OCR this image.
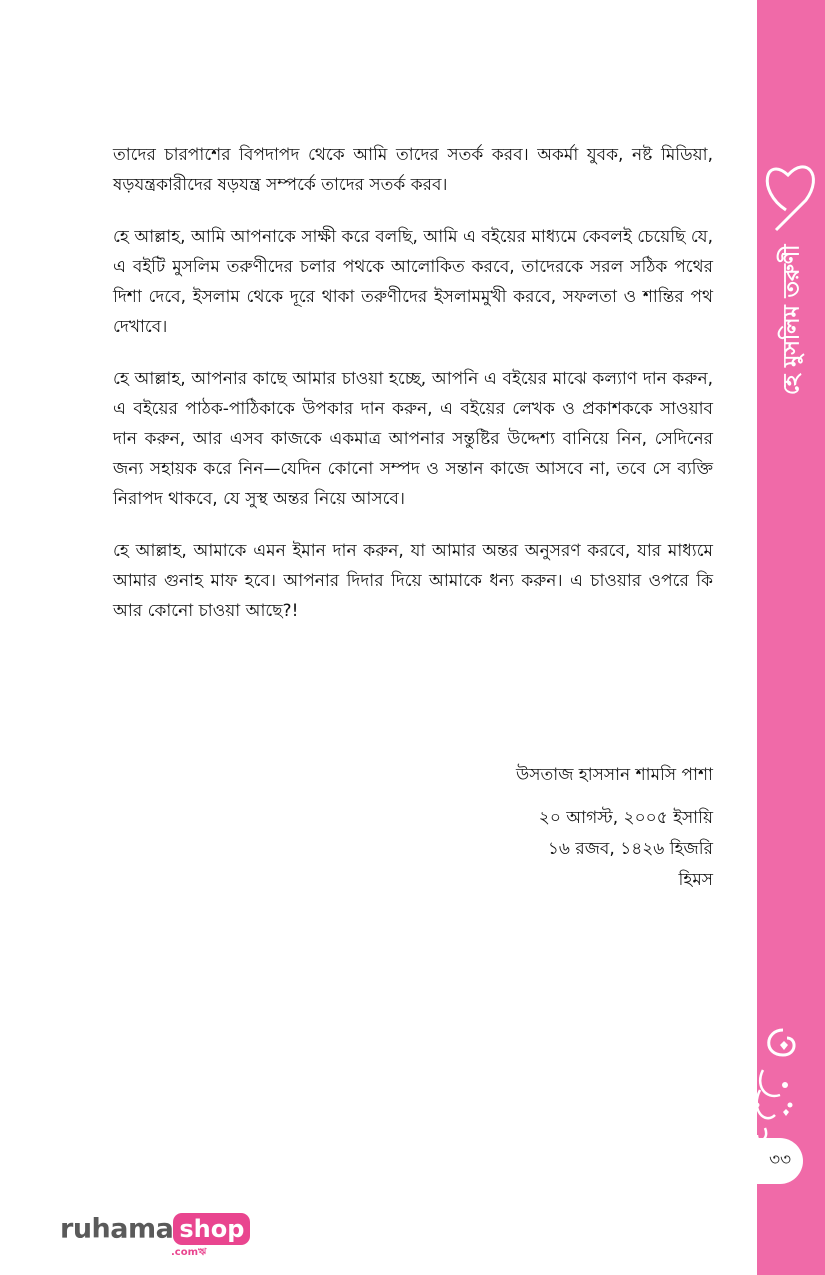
তাদের চারপাশের বিপদাপদ থেকে আমি তাদের সতর্ক করব। অকর্মা যুবক, নষ্ট মিডিয়া, ষড়যন্ত্রকারীদের ষড়যন্ত্র সম্পর্কে তাদের সতর্ক করব।

হে আল্লাহ, আমি আপনাকে সাক্ষী করে বলছি, আমি এ বইয়ের মাধ্যমে কেবলই চেয়েছি যে, এ বইটি মুসলিম তরুণীদের চলার পথকে আলোকিত করবে, তাদেরকে সরল সঠিক পথের দিশা দেবে, ইসলাম থেকে দূরে থাকা তরুণীদের ইসলামমুখী করবে, সফলতা ও শান্তির পথ দেখাবে।

হে আল্লাহ, আপনার কাছে আমার চাওয়া হচ্ছে, আপনি এ বইয়ের মাঝে কল্যাণ দান করুন, এ বইয়ের পাঠক-পাঠিকাকে উপকার দান করুন, এ বইয়ের লেখক ও প্রকাশককে সাওয়াব দান করুন, আর এসব কাজকে একমাত্র আপনার সন্তুষ্টির উদ্দেশ্য বানিয়ে নিন, সেদিনের জন্য সহায়ক করে নিন—যেদিন কোনো সম্পদ ও সন্তান কাজে আসবে না, তবে সে ব্যক্তি নিরাপদ থাকবে, যে সুস্থ অন্তর নিয়ে আসবে।

হে আল্লাহ, আমাকে এমন ইমান দান করুন, যা আমার অন্তর অনুসরণ করবে, যার মাধ্যমে আমার গুনাহ মাফ হবে। আপনার দিদার দিয়ে আমাকে ধন্য করুন। এ চাওয়ার ওপরে কি আর কোনো চাওয়া আছে?!

উসতাজ হাসসান শামসি পাশা
২০ আগস্ট, ২০০৫ ইসায়ি
১৬ রজব, ১৪২৬ হিজরি
হিমস
হে মুসলিম তরুণী
৩৩
ruhama shop
.comঋ
